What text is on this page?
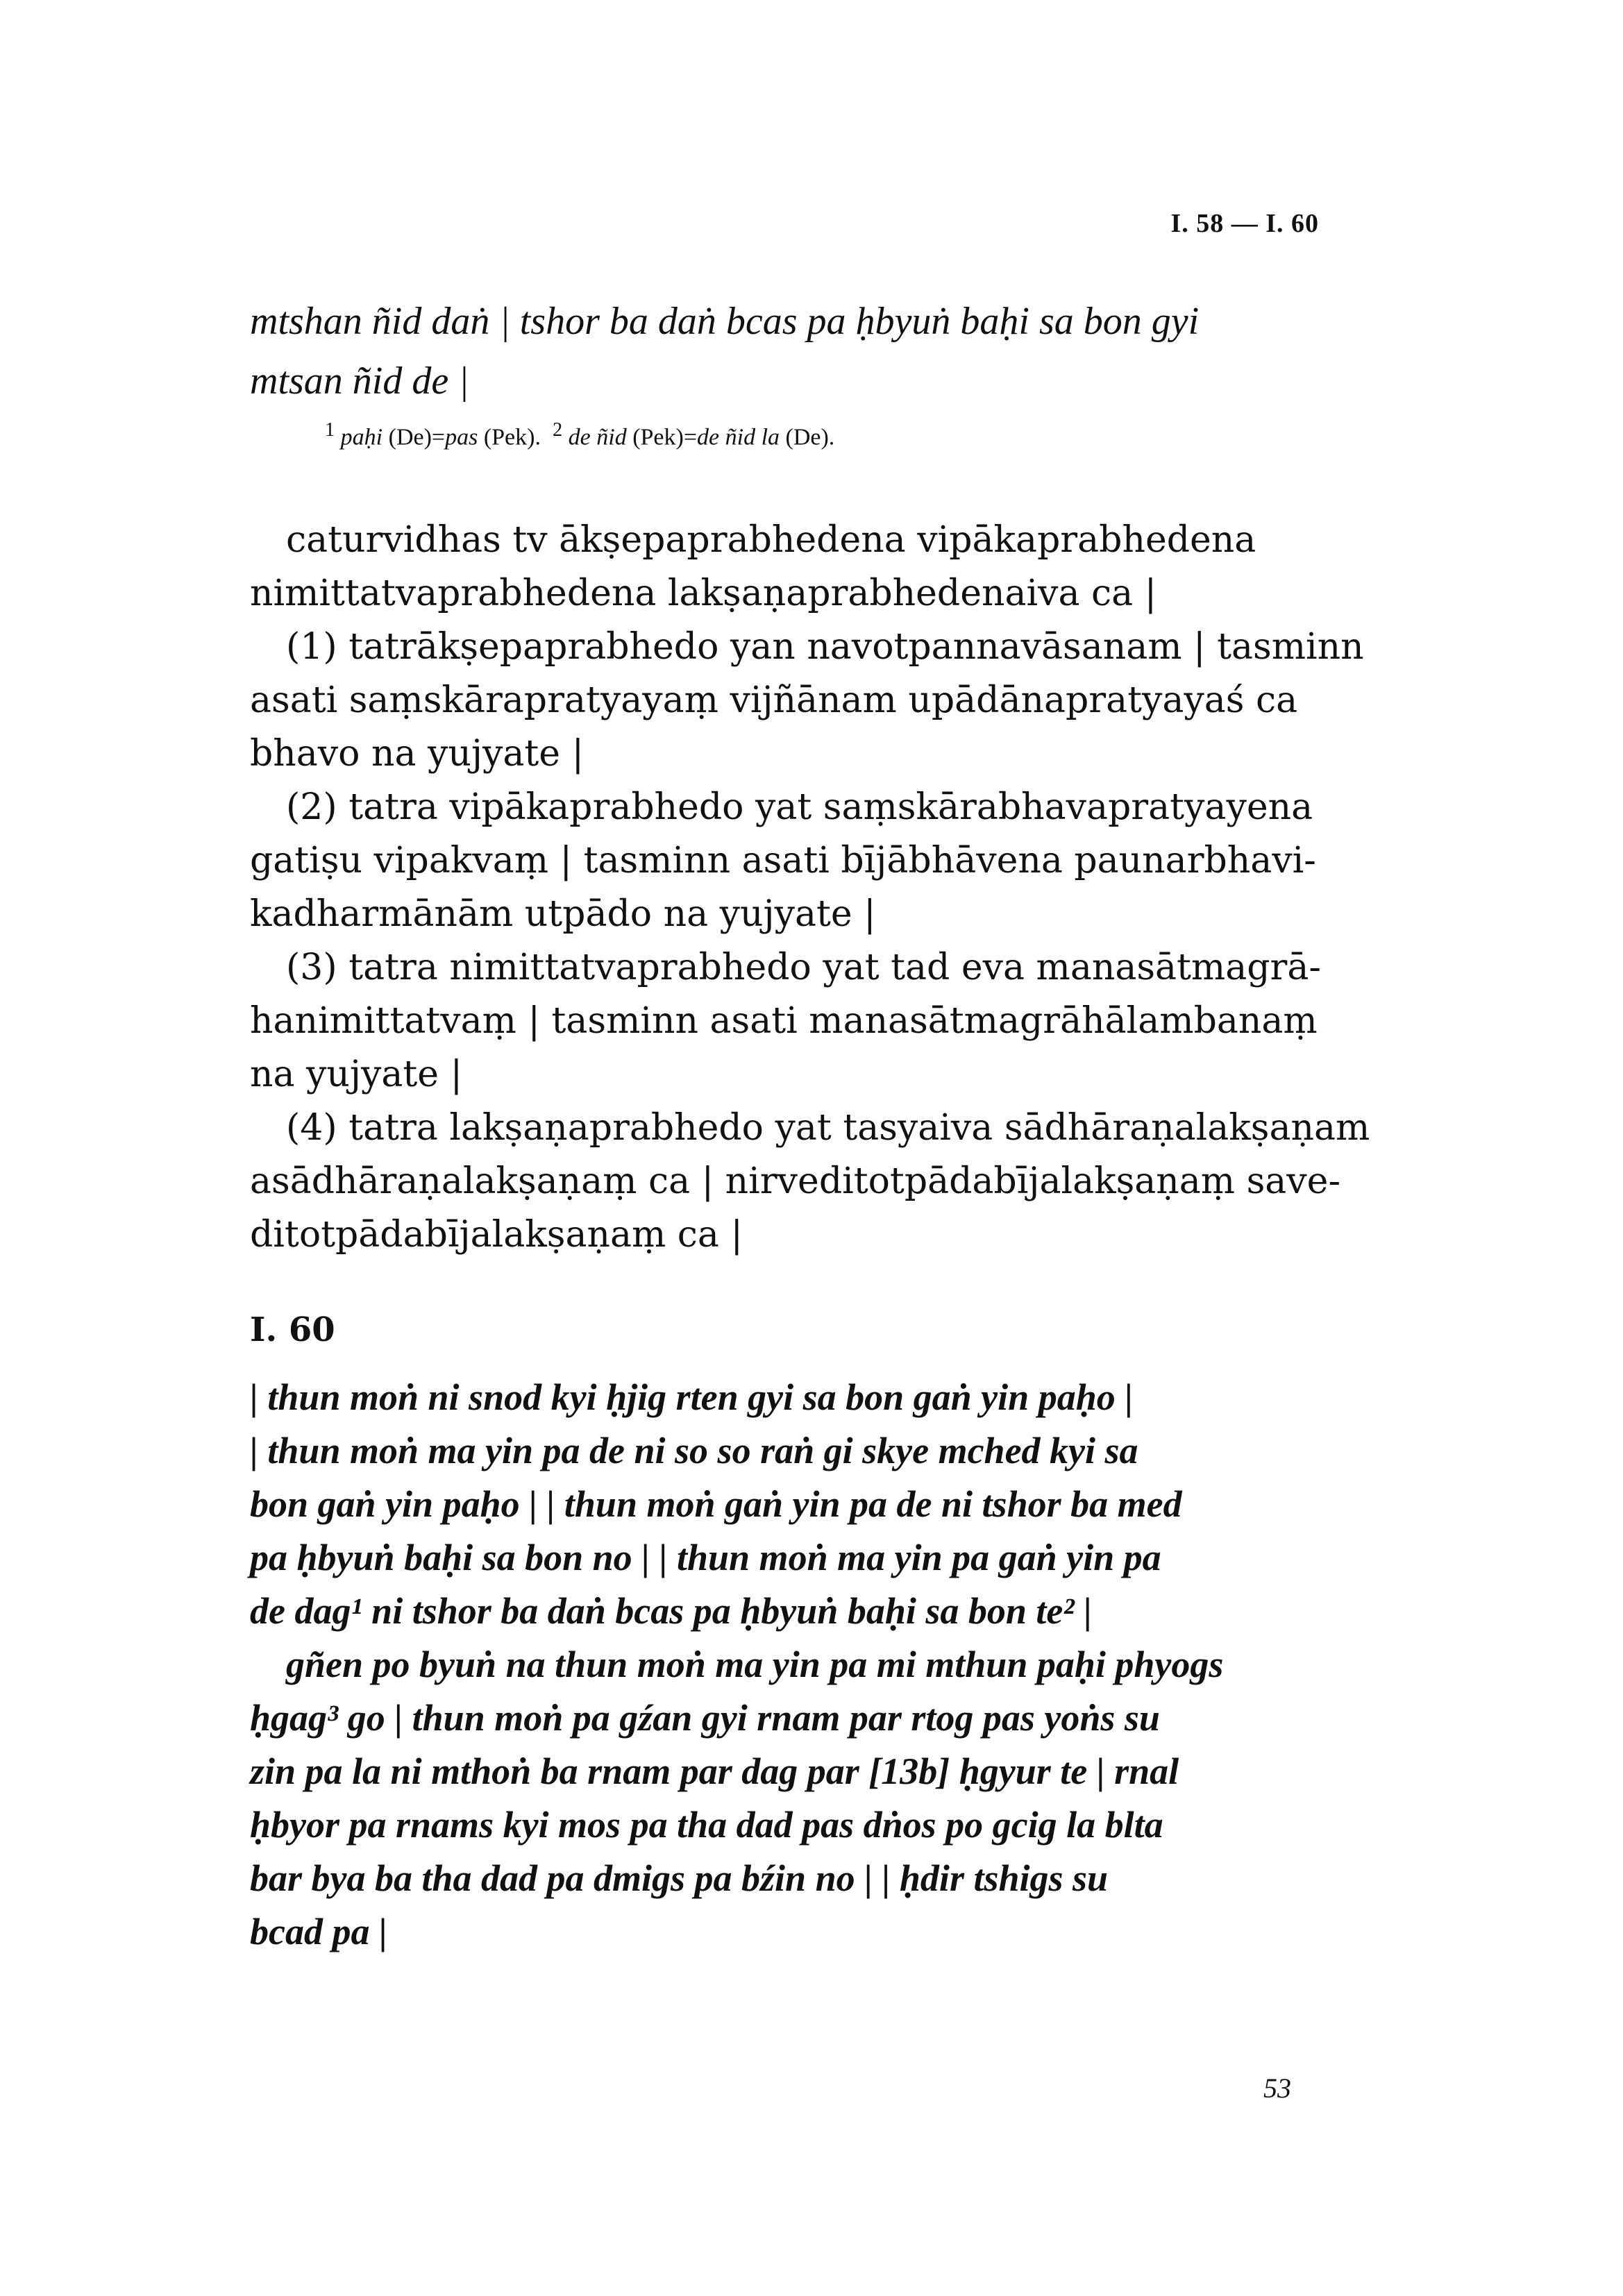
I. 58 — I. 60
mtshan ñid daṅ | tshor ba daṅ bcas pa ḥbyuṅ baḥi sa bon gyi
mtsan ñid de |
$^1$ paḥi (De)=pas (Pek). $^2$ de ñid (Pek)=de ñid la (De).
caturvidhas tv ākṣepaprabhedena vipākaprabhedena
nimittatvaprabhedena lakṣaṇaprabhedenaiva ca |
(1) tatrākṣepaprabhedo yan navotpannavāsanam | tasminn
asati saṃskārapratyayaṃ vijñānam upādānapratyayaś ca
bhavo na yujyate |
(2) tatra vipākaprabhedo yat saṃskārabhavapratyayena
gatiṣu vipakvaṃ | tasminn asati bījābhāvena paunarbhavi-
kadharmānām utpādo na yujyate |
(3) tatra nimittatvaprabhedo yat tad eva manasātmagrā-
hanimittatvaṃ | tasminn asati manasātmagrāhālambanaṃ
na yujyate |
(4) tatra lakṣaṇaprabhedo yat tasyaiva sādhāraṇalakṣaṇam
asādhāraṇalakṣaṇaṃ ca | nirveditotpādabījalakṣaṇaṃ save-
ditotpādabījalakṣaṇaṃ ca |
I. 60
| thun moṅ ni snod kyi ḥjig rten gyi sa bon gaṅ yin paḥo |
| thun moṅ ma yin pa de ni so so raṅ gi skye mched kyi sa
bon gaṅ yin paḥo | | thun moṅ gaṅ yin pa de ni tshor ba med
pa ḥbyuṅ baḥi sa bon no | | thun moṅ ma yin pa gaṅ yin pa
de dag¹ ni tshor ba daṅ bcas pa ḥbyuṅ baḥi sa bon te² |
gñen po byuṅ na thun moṅ ma yin pa mi mthun paḥi phyogs
ḥgag³ go | thun moṅ pa gźan gyi rnam par rtog pas yoṅs su
zin pa la ni mthoṅ ba rnam par dag par [13b] ḥgyur te | rnal
ḥbyor pa rnams kyi mos pa tha dad pas dṅos po gcig la blta
bar bya ba tha dad pa dmigs pa bźin no | | ḥdir tshigs su
bcad pa |
53
